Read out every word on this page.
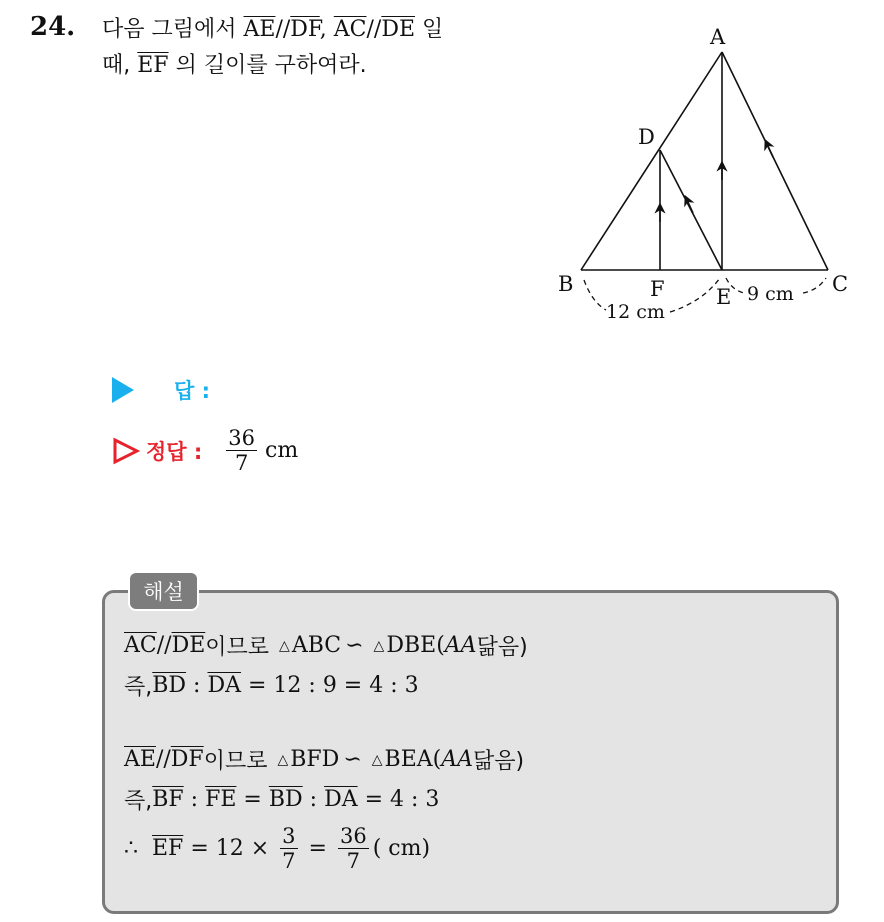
24. 다음 그림에서 $\overline{AE}//\overline{DF}$, $\overline{AC}//\overline{DE}$ 일
때, $\overline{EF}$ 의 길이를 구하여라.
A
D
B	F E
C
12 cm
9 cm
답 :
정답 : $\frac{36}{7}$ cm
해설
$\overline{AC} // \overline{DE}$ 이므로 △ ABC ∽ △ DBE ( AA 닮음)
즉, $\overline{BD}$ : $\overline{DA} = 12$ : 9 = 4 : 3
$\overline{AE} // \overline{DF}$ 이므로 △ BFD ∽ △ BEA ( AA 닮음)
즉, $\overline{BF}$ : $\overline{FE} = \overline{BD}$ : $\overline{DA} = 4$ : 3
∴ $\overline{EF} = 12 \times \frac{3}{7} = \frac{36}{7}$ ( cm)
